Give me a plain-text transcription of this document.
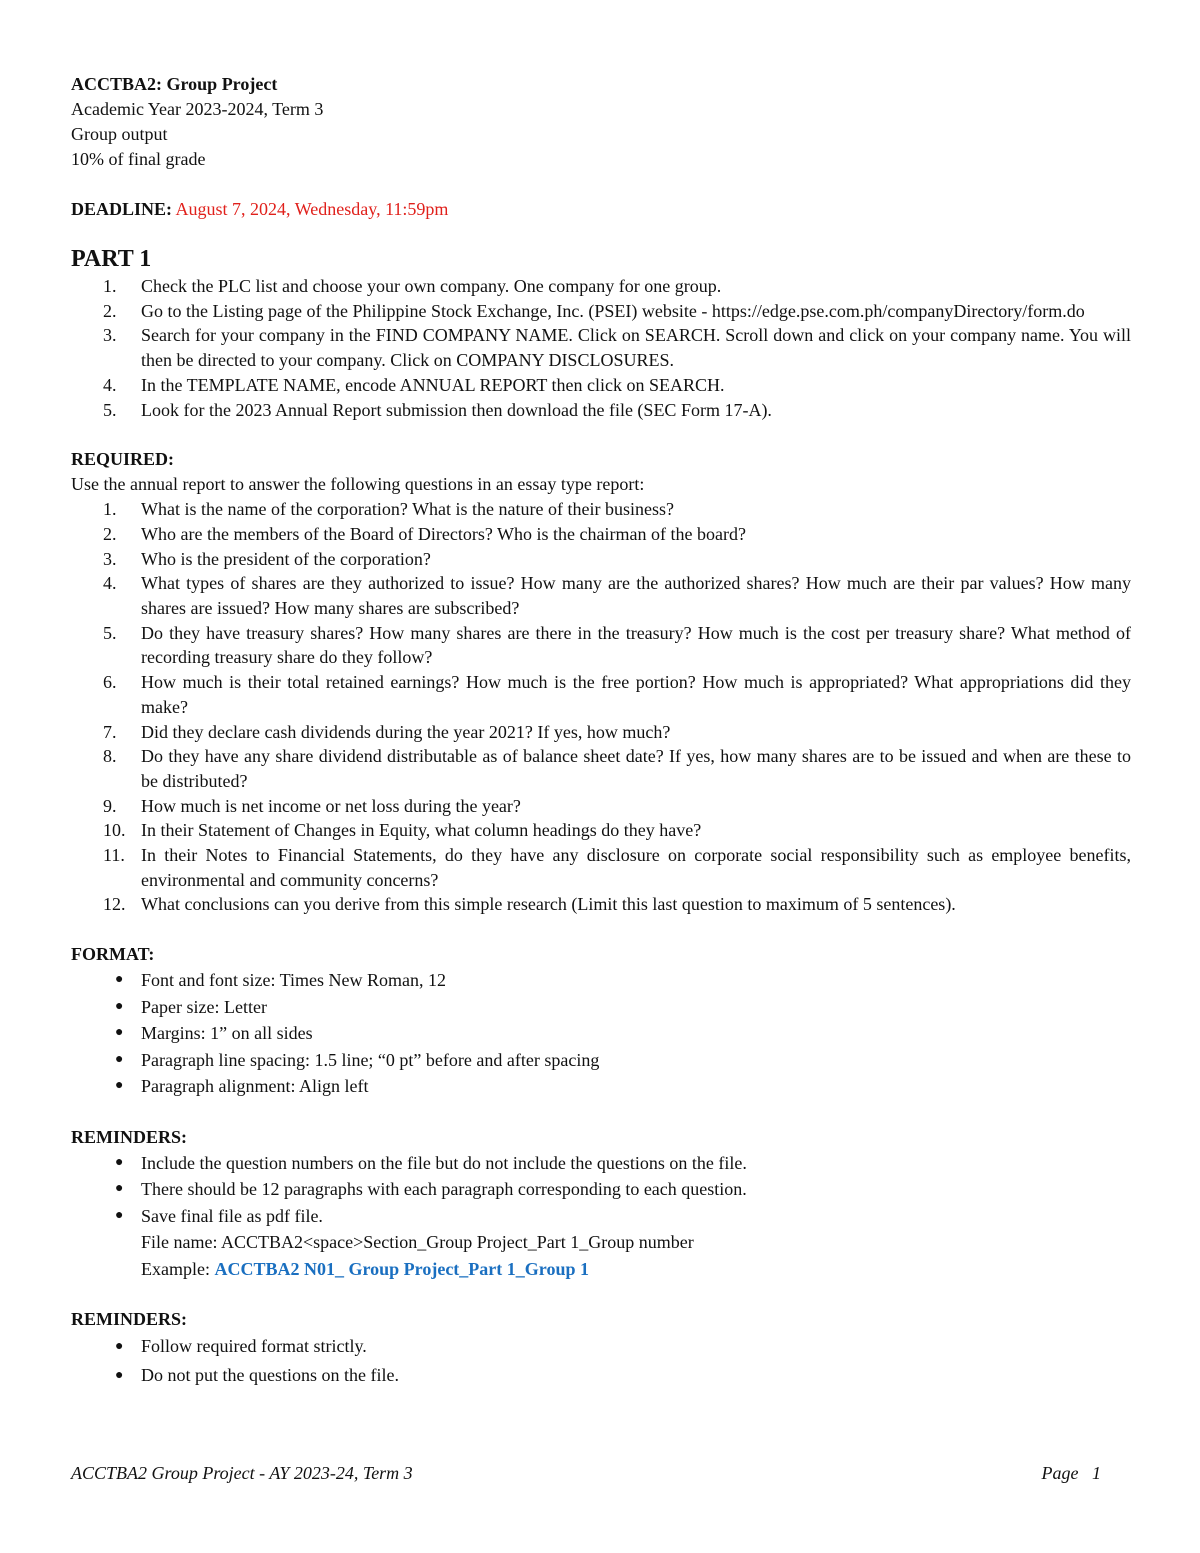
ACCTBA2: Group Project

Academic Year 2023-2024, Term 3

Group output

10% of final grade

DEADLINE: August 7, 2024, Wednesday, 11:59pm

PART 1

1. Check the PLC list and choose your own company. One company for one group.
2. Go to the Listing page of the Philippine Stock Exchange, Inc. (PSEI) website - https://edge.pse.com.ph/companyDirectory/form.do
3. Search for your company in the FIND COMPANY NAME. Click on SEARCH. Scroll down and click on your company name. You will then be directed to your company. Click on COMPANY DISCLOSURES.
4. In the TEMPLATE NAME, encode ANNUAL REPORT then click on SEARCH.
5. Look for the 2023 Annual Report submission then download the file (SEC Form 17-A).

REQUIRED:

Use the annual report to answer the following questions in an essay type report:

1. What is the name of the corporation? What is the nature of their business?
2. Who are the members of the Board of Directors? Who is the chairman of the board?
3. Who is the president of the corporation?
4. What types of shares are they authorized to issue? How many are the authorized shares? How much are their par values? How many shares are issued? How many shares are subscribed?
5. Do they have treasury shares? How many shares are there in the treasury? How much is the cost per treasury share? What method of recording treasury share do they follow?
6. How much is their total retained earnings? How much is the free portion? How much is appropriated? What appropriations did they make?
7. Did they declare cash dividends during the year 2021? If yes, how much?
8. Do they have any share dividend distributable as of balance sheet date? If yes, how many shares are to be issued and when are these to be distributed?
9. How much is net income or net loss during the year?
10. In their Statement of Changes in Equity, what column headings do they have?
11. In their Notes to Financial Statements, do they have any disclosure on corporate social responsibility such as employee benefits, environmental and community concerns?
12. What conclusions can you derive from this simple research (Limit this last question to maximum of 5 sentences).

FORMAT:

● Font and font size: Times New Roman, 12
● Paper size: Letter
● Margins: 1” on all sides
● Paragraph line spacing: 1.5 line; “0 pt” before and after spacing
● Paragraph alignment: Align left

REMINDERS:

● Include the question numbers on the file but do not include the questions on the file.
● There should be 12 paragraphs with each paragraph corresponding to each question.
● Save final file as pdf file.
File name: ACCTBA2<space>Section_Group Project_Part 1_Group number
Example: ACCTBA2 N01_ Group Project_Part 1_Group 1

REMINDERS:

● Follow required format strictly.
● Do not put the questions on the file.
ACCTBA2 Group Project - AY 2023-24, Term 3	Page   1
